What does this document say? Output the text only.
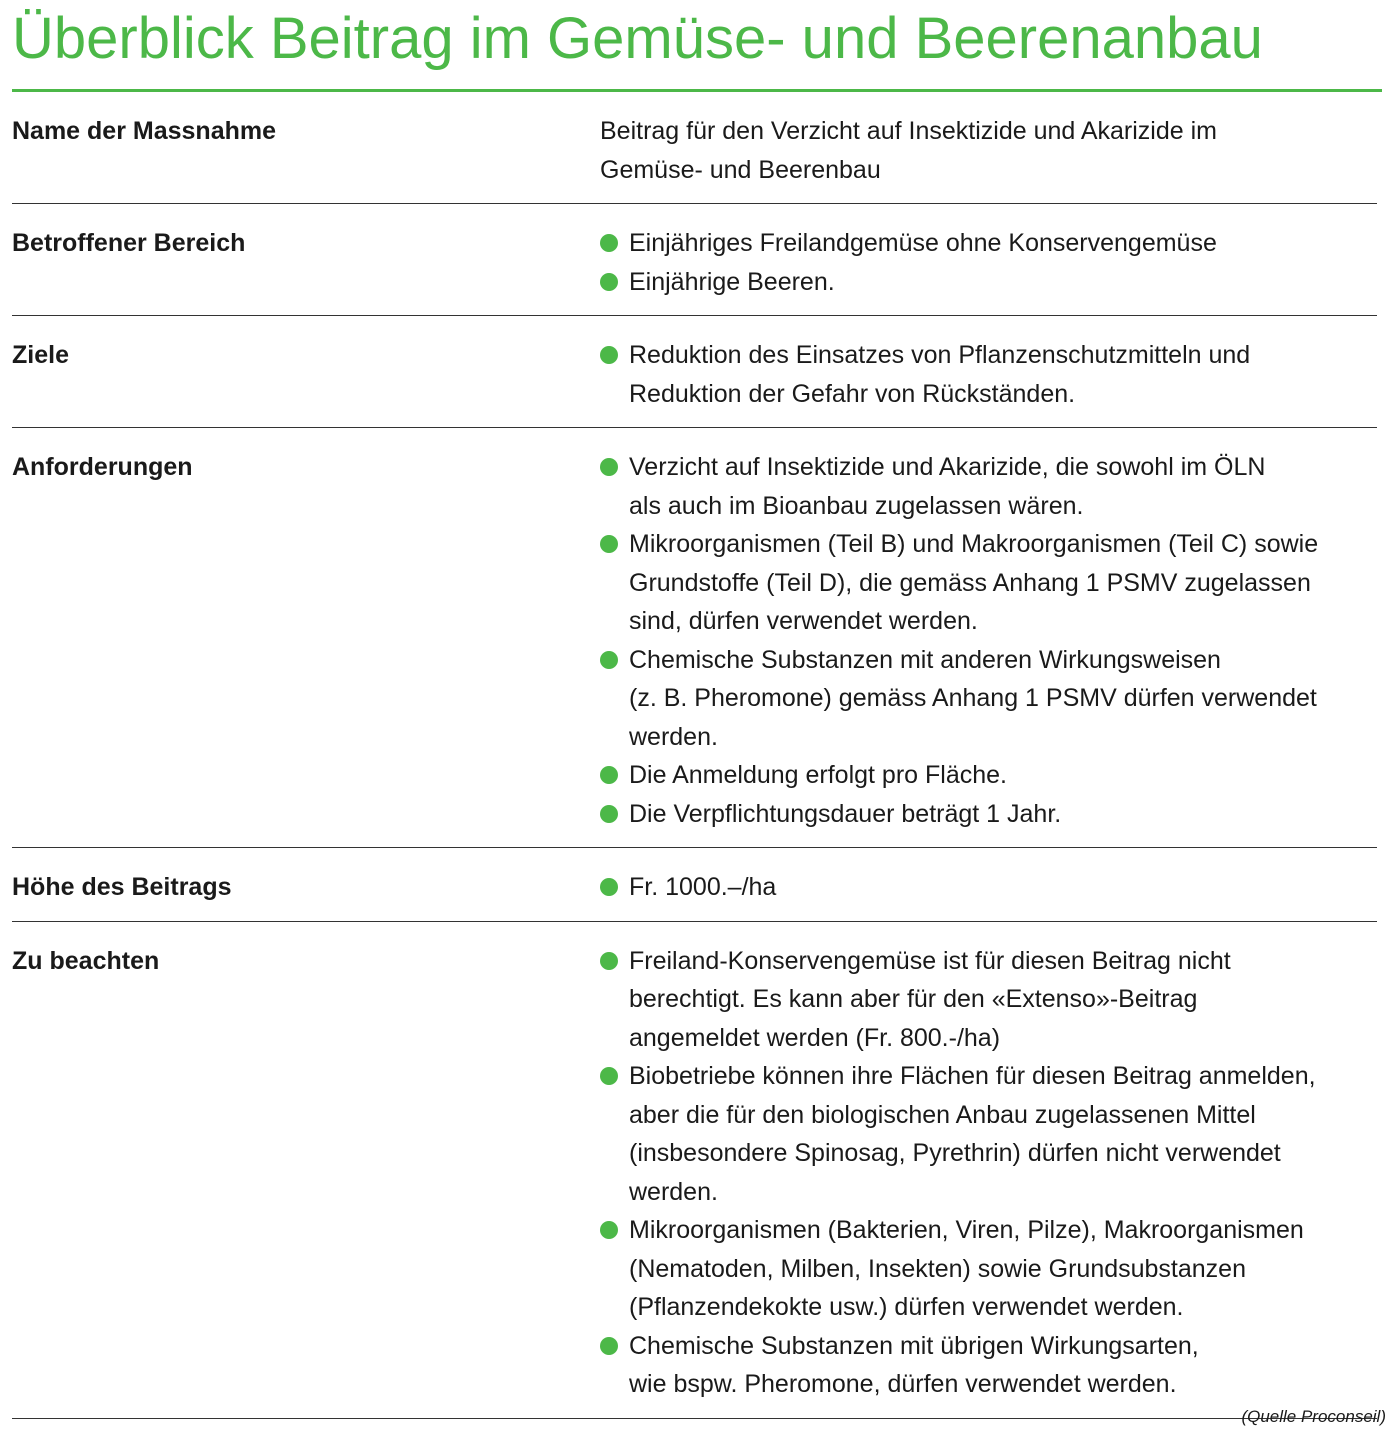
Überblick Beitrag im Gemüse- und Beerenanbau
Name der Massnahme	Beitrag für den Verzicht auf Insektizide und Akarizide im
Gemüse- und Beerenbau
Betroffener Bereich	Einjähriges Freilandgemüse ohne Konservengemüse
Einjährige Beeren.
Ziele	Reduktion des Einsatzes von Pflanzenschutzmitteln und
Reduktion der Gefahr von Rückständen.
Anforderungen	Verzicht auf Insektizide und Akarizide, die sowohl im ÖLN
als auch im Bioanbau zugelassen wären.
Mikroorganismen (Teil B) und Makroorganismen (Teil C) sowie
Grundstoffe (Teil D), die gemäss Anhang 1 PSMV zugelassen
sind, dürfen verwendet werden.
Chemische Substanzen mit anderen Wirkungsweisen
(z. B. Pheromone) gemäss Anhang 1 PSMV dürfen verwendet
werden.
Die Anmeldung erfolgt pro Fläche.
Die Verpflichtungsdauer beträgt 1 Jahr.
Höhe des Beitrags	Fr. 1000.–/ha
Zu beachten	Freiland-Konservengemüse ist für diesen Beitrag nicht
berechtigt. Es kann aber für den «Extenso»-Beitrag
angemeldet werden (Fr. 800.-/ha)
Biobetriebe können ihre Flächen für diesen Beitrag anmelden,
aber die für den biologischen Anbau zugelassenen Mittel
(insbesondere Spinosag, Pyrethrin) dürfen nicht verwendet
werden.
Mikroorganismen (Bakterien, Viren, Pilze), Makroorganismen
(Nematoden, Milben, Insekten) sowie Grundsubstanzen
(Pflanzendekokte usw.) dürfen verwendet werden.
Chemische Substanzen mit übrigen Wirkungsarten,
wie bspw. Pheromone, dürfen verwendet werden.
(Quelle Proconseil)
